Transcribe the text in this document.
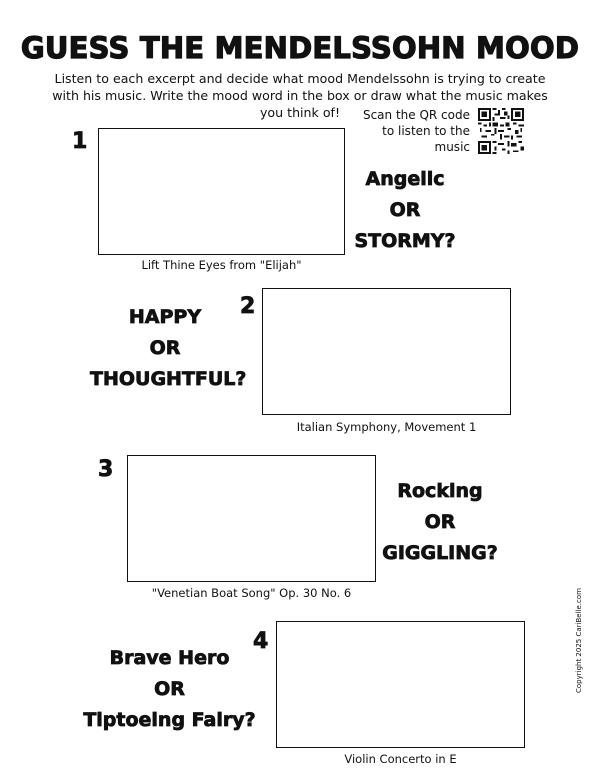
GUESS THE MENDELSSOHN MOOD
Listen to each excerpt and decide what mood Mendelssohn is trying to create with his music. Write the mood word in the box or draw what the music makes you think of!	Scan the QR code
to listen to the
music
1
Lift Thine Eyes from "Elijah"
Angelic
OR
STORMY?
2
Italian Symphony, Movement 1
HAPPY
OR
THOUGHTFUL?
3
"Venetian Boat Song" Op. 30 No. 6
Rocking
OR
GIGGLING?
4
Violin Concerto in E
Brave Hero
OR
Tiptoeing Fairy?
Copyright 2025 CariBelle.com
